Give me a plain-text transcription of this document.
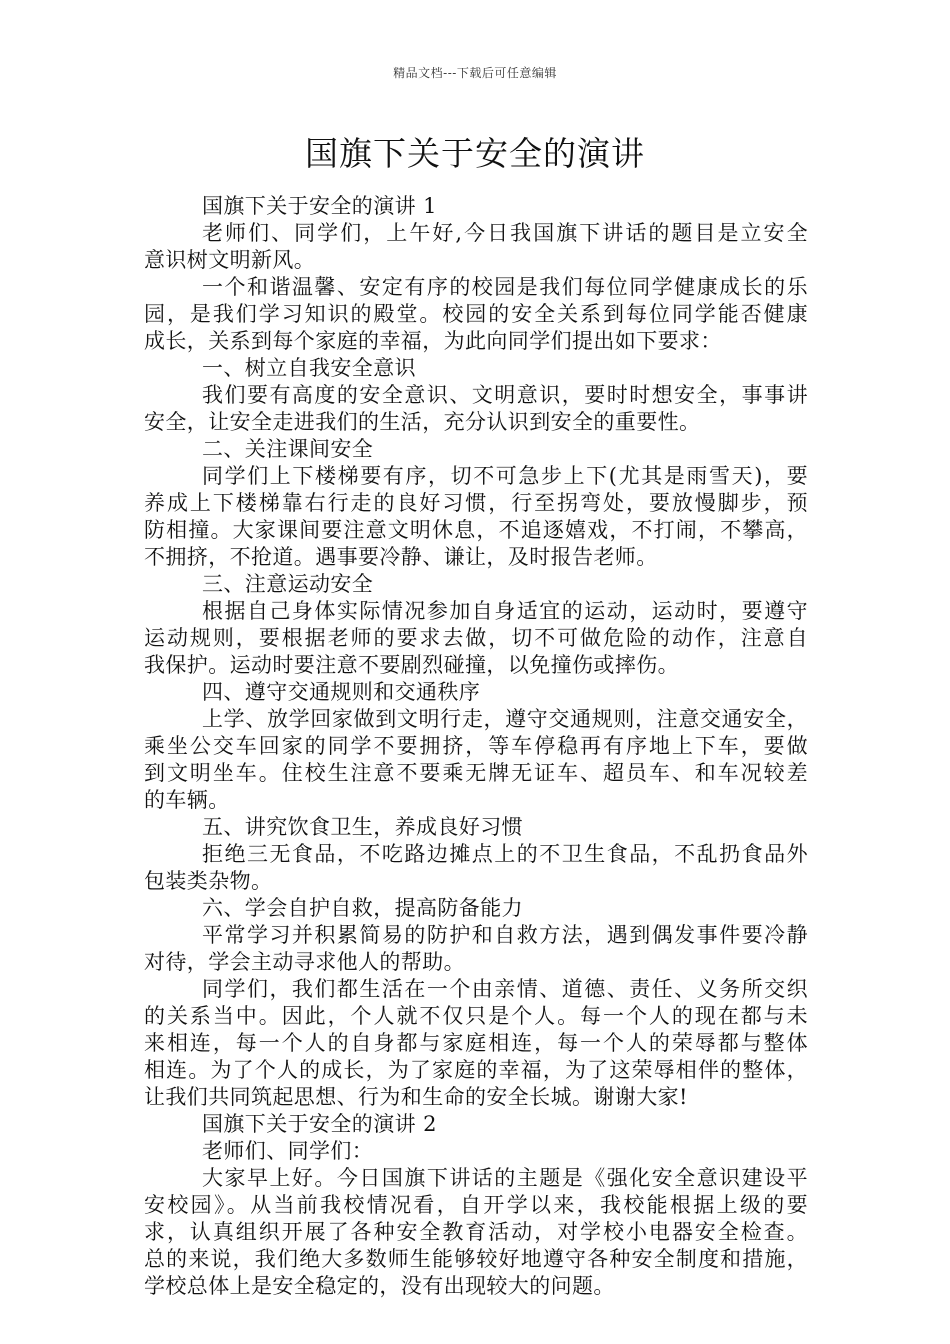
精品文档---下载后可任意编辑
国旗下关于安全的演讲

国旗下关于安全的演讲 1

老师们、同学们，上午好,今日我国旗下讲话的题目是立安全

意识树文明新风。

一个和谐温馨、安定有序的校园是我们每位同学健康成长的乐

园，是我们学习知识的殿堂。校园的安全关系到每位同学能否健康

成长，关系到每个家庭的幸福，为此向同学们提出如下要求：

一、树立自我安全意识

我们要有高度的安全意识、文明意识，要时时想安全，事事讲

安全，让安全走进我们的生活，充分认识到安全的重要性。

二、关注课间安全

同学们上下楼梯要有序，切不可急步上下(尤其是雨雪天)，要

养成上下楼梯靠右行走的良好习惯，行至拐弯处，要放慢脚步，预

防相撞。大家课间要注意文明休息，不追逐嬉戏，不打闹，不攀高，

不拥挤，不抢道。遇事要冷静、谦让，及时报告老师。

三、注意运动安全

根据自己身体实际情况参加自身适宜的运动，运动时，要遵守

运动规则，要根据老师的要求去做，切不可做危险的动作，注意自

我保护。运动时要注意不要剧烈碰撞，以免撞伤或摔伤。

四、遵守交通规则和交通秩序

上学、放学回家做到文明行走，遵守交通规则，注意交通安全，

乘坐公交车回家的同学不要拥挤，等车停稳再有序地上下车，要做

到文明坐车。住校生注意不要乘无牌无证车、超员车、和车况较差

的车辆。

五、讲究饮食卫生，养成良好习惯

拒绝三无食品，不吃路边摊点上的不卫生食品，不乱扔食品外

包装类杂物。

六、学会自护自救，提高防备能力

平常学习并积累简易的防护和自救方法，遇到偶发事件要冷静

对待，学会主动寻求他人的帮助。

同学们，我们都生活在一个由亲情、道德、责任、义务所交织

的关系当中。因此，个人就不仅只是个人。每一个人的现在都与未

来相连，每一个人的自身都与家庭相连，每一个人的荣辱都与整体

相连。为了个人的成长，为了家庭的幸福，为了这荣辱相伴的整体，

让我们共同筑起思想、行为和生命的安全长城。谢谢大家!

国旗下关于安全的演讲 2

老师们、同学们：

大家早上好。今日国旗下讲话的主题是《强化安全意识建设平

安校园》。从当前我校情况看，自开学以来，我校能根据上级的要

求，认真组织开展了各种安全教育活动，对学校小电器安全检查。

总的来说，我们绝大多数师生能够较好地遵守各种安全制度和措施，

学校总体上是安全稳定的，没有出现较大的问题。
